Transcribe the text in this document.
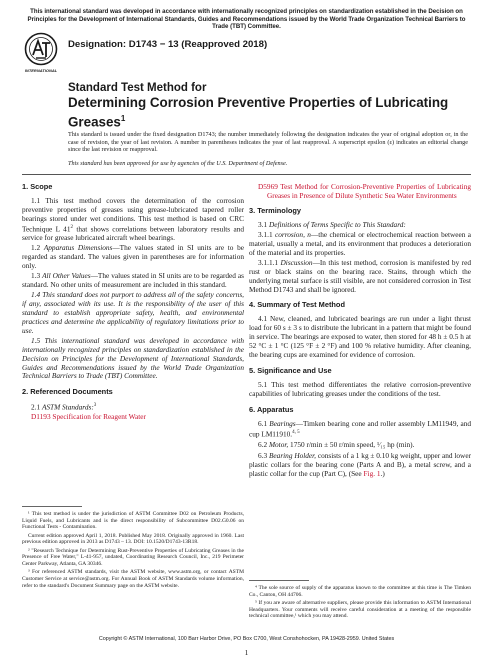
This international standard was developed in accordance with internationally recognized principles on standardization established in the Decision on Principles for the Development of International Standards, Guides and Recommendations issued by the World Trade Organization Technical Barriers to Trade (TBT) Committee.
INTERNATIONAL
Designation: D1743 − 13 (Reapproved 2018)
Standard Test Method for
Determining Corrosion Preventive Properties of Lubricating
Greases$^1$
This standard is issued under the fixed designation D1743; the number immediately following the designation indicates the year of original adoption or, in the case of revision, the year of last revision. A number in parentheses indicates the year of last reapproval. A superscript epsilon (ε) indicates an editorial change since the last revision or reapproval.
This standard has been approved for use by agencies of the U.S. Department of Defense.

1. Scope

1.1 This test method covers the determination of the corrosion preventive properties of greases using grease-lubricated tapered roller bearings stored under wet conditions. This test method is based on CRC Technique L $41^2$ that shows correlations between laboratory results and service for grease lubricated aircraft wheel bearings.

1.2 Apparatus Dimensions—The values stated in SI units are to be regarded as standard. The values given in parentheses are for information only.

1.3 All Other Values—The values stated in SI units are to be regarded as standard. No other units of measurement are included in this standard.

1.4 This standard does not purport to address all of the safety concerns, if any, associated with its use. It is the responsibility of the user of this standard to establish appropriate safety, health, and environmental practices and determine the applicability of regulatory limitations prior to use.

1.5 This international standard was developed in accordance with internationally recognized principles on standardization established in the Decision on Principles for the Development of International Standards, Guides and Recommendations issued by the World Trade Organization Technical Barriers to Trade (TBT) Committee.

2. Referenced Documents

2.1 ASTM Standards:$^3$

D1193 Specification for Reagent Water

¹ This test method is under the jurisdiction of ASTM Committee D02 on Petroleum Products, Liquid Fuels, and Lubricants and is the direct responsibility of Subcommittee D02.G0.06 on Functional Tests - Contamination.

Current edition approved April 1, 2018. Published May 2018. Originally approved in 1960. Last previous edition approved in 2013 as D1743 – 13. DOI: 10.1520/D1743-13R18.

² "Research Technique for Determining Rust-Preventive Properties of Lubricating Greases in the Presence of Free Water," L-41-957, undated, Coordinating Research Council, Inc., 219 Perimeter Center Parkway, Atlanta, GA 30346.

³ For referenced ASTM standards, visit the ASTM website, www.astm.org, or contact ASTM Customer Service at service@astm.org. For Annual Book of ASTM Standards volume information, refer to the standard's Document Summary page on the ASTM website.

D5969 Test Method for Corrosion-Preventive Properties of Lubricating Greases in Presence of Dilute Synthetic Sea Water Environments

3. Terminology

3.1 Definitions of Terms Specific to This Standard:

3.1.1 corrosion, n—the chemical or electrochemical reaction between a material, usually a metal, and its environment that produces a deterioration of the material and its properties.

3.1.1.1 Discussion—In this test method, corrosion is manifested by red rust or black stains on the bearing race. Stains, through which the underlying metal surface is still visible, are not considered corrosion in Test Method D1743 and shall be ignored.

4. Summary of Test Method

4.1 New, cleaned, and lubricated bearings are run under a light thrust load for 60 s ± 3 s to distribute the lubricant in a pattern that might be found in service. The bearings are exposed to water, then stored for 48 h ± 0.5 h at 52 °C ± 1 °C (125 °F ± 2 °F) and 100 % relative humidity. After cleaning, the bearing cups are examined for evidence of corrosion.

5. Significance and Use

5.1 This test method differentiates the relative corrosion-preventive capabilities of lubricating greases under the conditions of the test.

6. Apparatus

6.1 Bearings—Timken bearing cone and roller assembly LM11949, and cup LM11910.$^{4, 5}$

6.2 Motor, 1750 r/min ± 50 r/min speed, ¹⁄₁₅ hp (min).

6.3 Bearing Holder, consists of a 1 kg ± 0.10 kg weight, upper and lower plastic collars for the bearing cone (Parts A and B), a metal screw, and a plastic collar for the cup (Part C), (See Fig. 1.)

⁴ The sole source of supply of the apparatus known to the committee at this time is The Timken Co., Canton, OH 44706.

⁵ If you are aware of alternative suppliers, please provide this information to ASTM International Headquarters. Your comments will receive careful consideration at a meeting of the responsible technical committee,¹ which you may attend.

Copyright © ASTM International, 100 Barr Harbor Drive, PO Box C700, West Conshohocken, PA 19428-2959. United States
1
